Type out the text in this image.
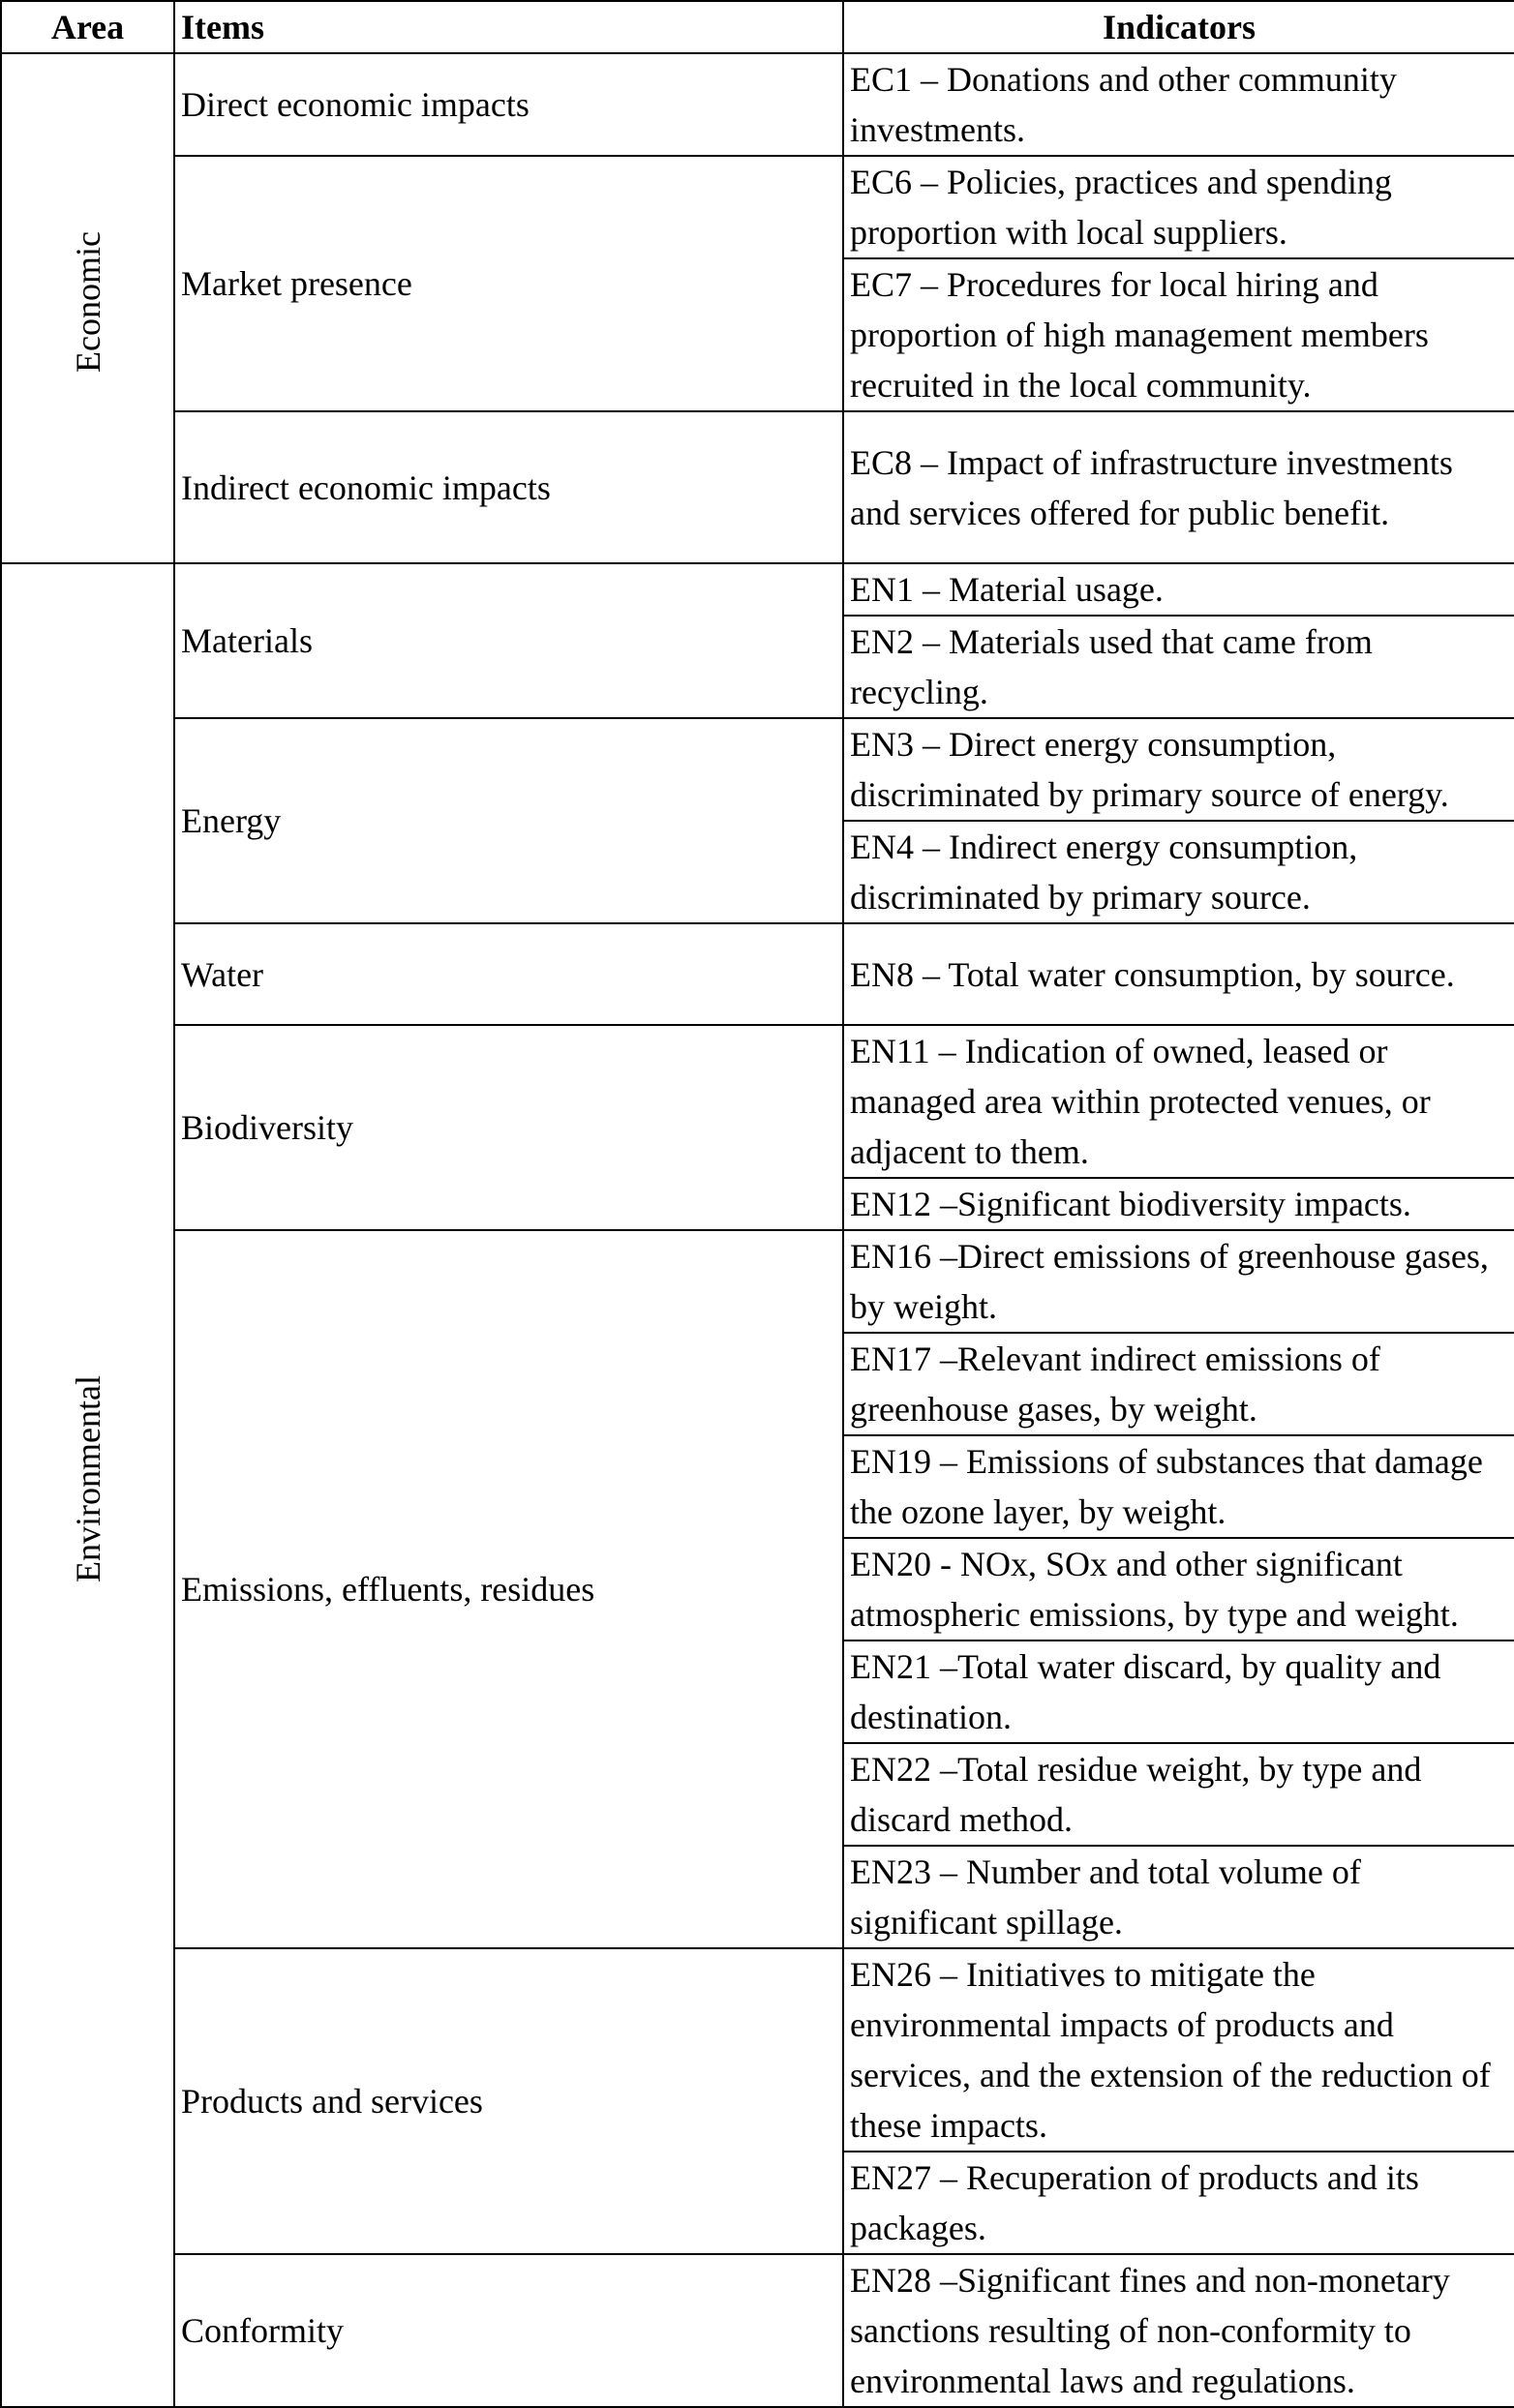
Area	Items	Indicators
Economic	Direct economic impacts	EC1 – Donations and other community investments.
	Market presence	EC6 – Policies, practices and spending proportion with local suppliers.
		EC7 – Procedures for local hiring and proportion of high management members recruited in the local community.
	Indirect economic impacts	EC8 – Impact of infrastructure investments and services offered for public benefit.
Environmental	Materials	EN1 – Material usage.
		EN2 – Materials used that came from recycling.
	Energy	EN3 – Direct energy consumption, discriminated by primary source of energy.
		EN4 – Indirect energy consumption, discriminated by primary source.
	Water	EN8 – Total water consumption, by source.
	Biodiversity	EN11 – Indication of owned, leased or managed area within protected venues, or adjacent to them.
		EN12 –Significant biodiversity impacts.
	Emissions, effluents, residues	EN16 –Direct emissions of greenhouse gases, by weight.
		EN17 –Relevant indirect emissions of greenhouse gases, by weight.
		EN19 – Emissions of substances that damage the ozone layer, by weight.
		EN20 - NOx, SOx and other significant atmospheric emissions, by type and weight.
		EN21 –Total water discard, by quality and destination.
		EN22 –Total residue weight, by type and discard method.
		EN23 – Number and total volume of significant spillage.
	Products and services	EN26 – Initiatives to mitigate the environmental impacts of products and services, and the extension of the reduction of these impacts.
		EN27 – Recuperation of products and its packages.
	Conformity	EN28 –Significant fines and non-monetary sanctions resulting of non-conformity to environmental laws and regulations.
